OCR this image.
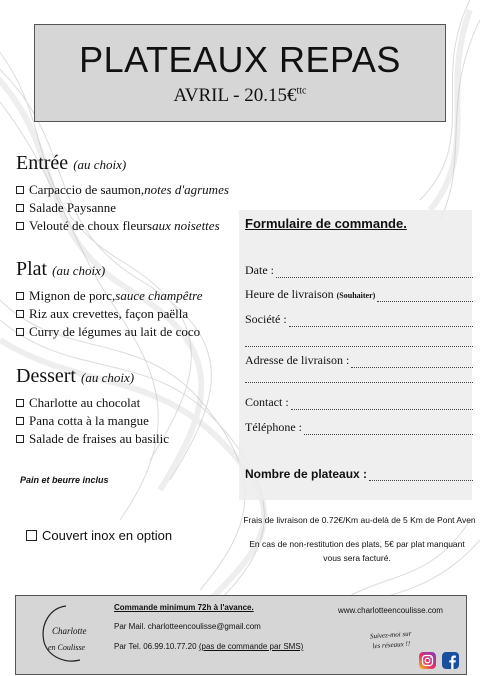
PLATEAUX REPAS
AVRIL - 20.15€$^{ttc}$
Entrée (au choix)
Carpaccio de saumon, notes d'agrumes
Salade Paysanne
Velouté de choux fleurs aux noisettes
Plat (au choix)
Mignon de porc, sauce champêtre
Riz aux crevettes, façon paëlla
Curry de légumes au lait de coco
Dessert (au choix)
Charlotte au chocolat
Pana cotta à la mangue
Salade de fraises au basilic
Pain et beurre inclus
Couvert inox en option
Formulaire de commande.
Date :
Heure de livraison (Souhaiter)
Société :
Adresse de livraison :
Contact :
Téléphone :
Nombre de plateaux :
Frais de livraison de 0.72€/Km au-delà de 5 Km de Pont Aven
En cas de non-restitution des plats, 5€ par plat manquant
vous sera facturé.
Charlotte
en Coulisse
Commande minimum 72h à l'avance.
Par Mail. charlotteencoulisse@gmail.com
Par Tel. 06.99.10.77.20 (pas de commande par SMS)
www.charlotteencoulisse.com
Suivez-moi sur
les réseaux !!
